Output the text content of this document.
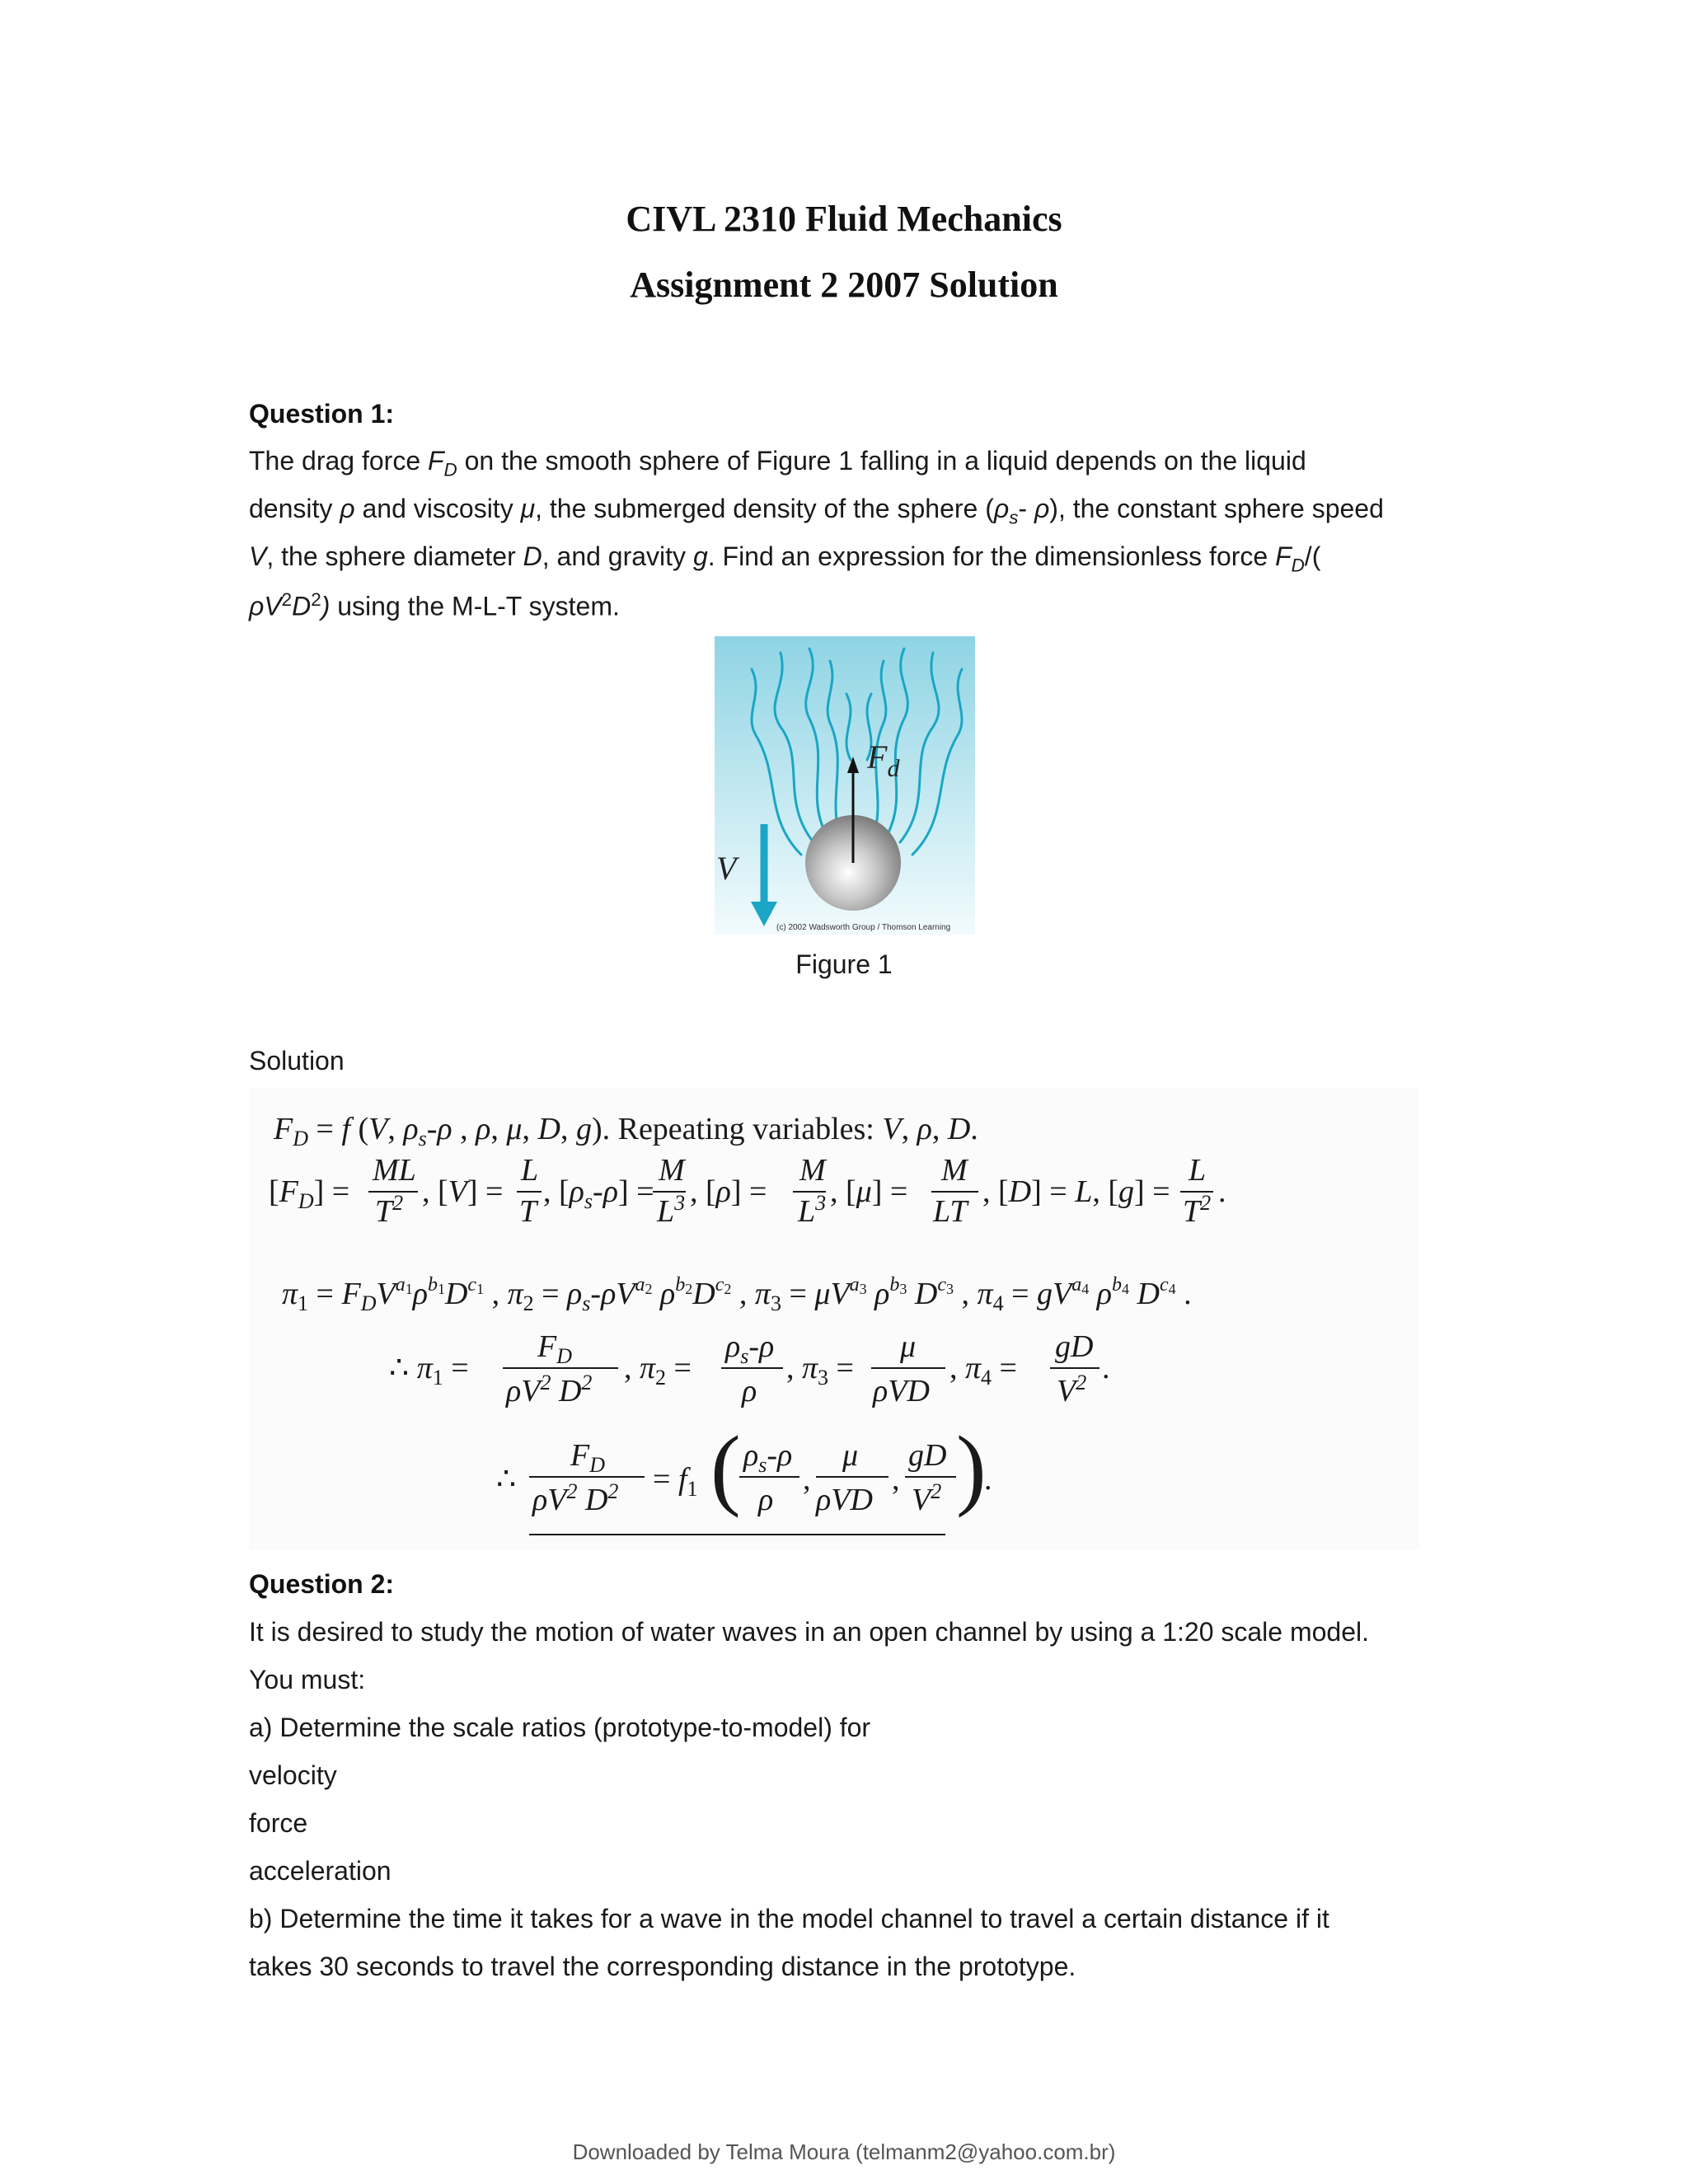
CIVL 2310 Fluid Mechanics
Assignment 2 2007 Solution
Question 1:
The drag force $F_D$ on the smooth sphere of Figure 1 falling in a liquid depends on the liquid
density ρ and viscosity μ, the submerged density of the sphere ($\rho_s-$ ρ), the constant sphere speed
V, the sphere diameter D, and gravity g. Find an expression for the dimensionless force $F_D/$(
$\rho V^2D^2$) using the M-L-T system.
$F_d$
V
(c) 2002 Wadsworth Group / Thomson Learning
Figure 1
Solution
$F_D = f$ (V, $\rho_s-\rho$ , ρ, μ, D, g). Repeating variables: V, ρ, D.
$[F_D]$ =
ML
$T^2$ , [V] =
L
T
, $[\rho_s-\rho]$ =
M
$L^3$ , [ρ] =
M
$L^3$ , [μ] =
M
LT
, [D] = L, [g] =
L
$T^2$ .
$\pi_1 = F_DV^a1\rho^b1D^c1$ , $\pi_2 = \rho_s-\rho V^a2$ $\rho^b2D^c2$ , $\pi_3 = \mu V^a3$ $\rho^b3$ $D^c3$ , $\pi_4 = gV^a4$ $\rho^b4$ $D^c4$ .
∴ $\pi_1$ =
$F_D$
$\rho V^2$ $D^2$ , $\pi_2$ =
$\rho_s-\rho$
ρ
, $\pi_3$ =
μ
ρVD
, $\pi_4$ =
gD
$V^2$ .
∴
$F_D$
$\rho V^2$ $D^2 = f_1$ ( $\rho_s-\rho$
ρ
,
μ
ρVD
,
gD
$V^2$ )
.
Question 2:
It is desired to study the motion of water waves in an open channel by using a 1:20 scale model.
You must:
a) Determine the scale ratios (prototype-to-model) for
velocity
force
acceleration
b) Determine the time it takes for a wave in the model channel to travel a certain distance if it
takes 30 seconds to travel the corresponding distance in the prototype.
Downloaded by Telma Moura (telmanm2@yahoo.com.br)
